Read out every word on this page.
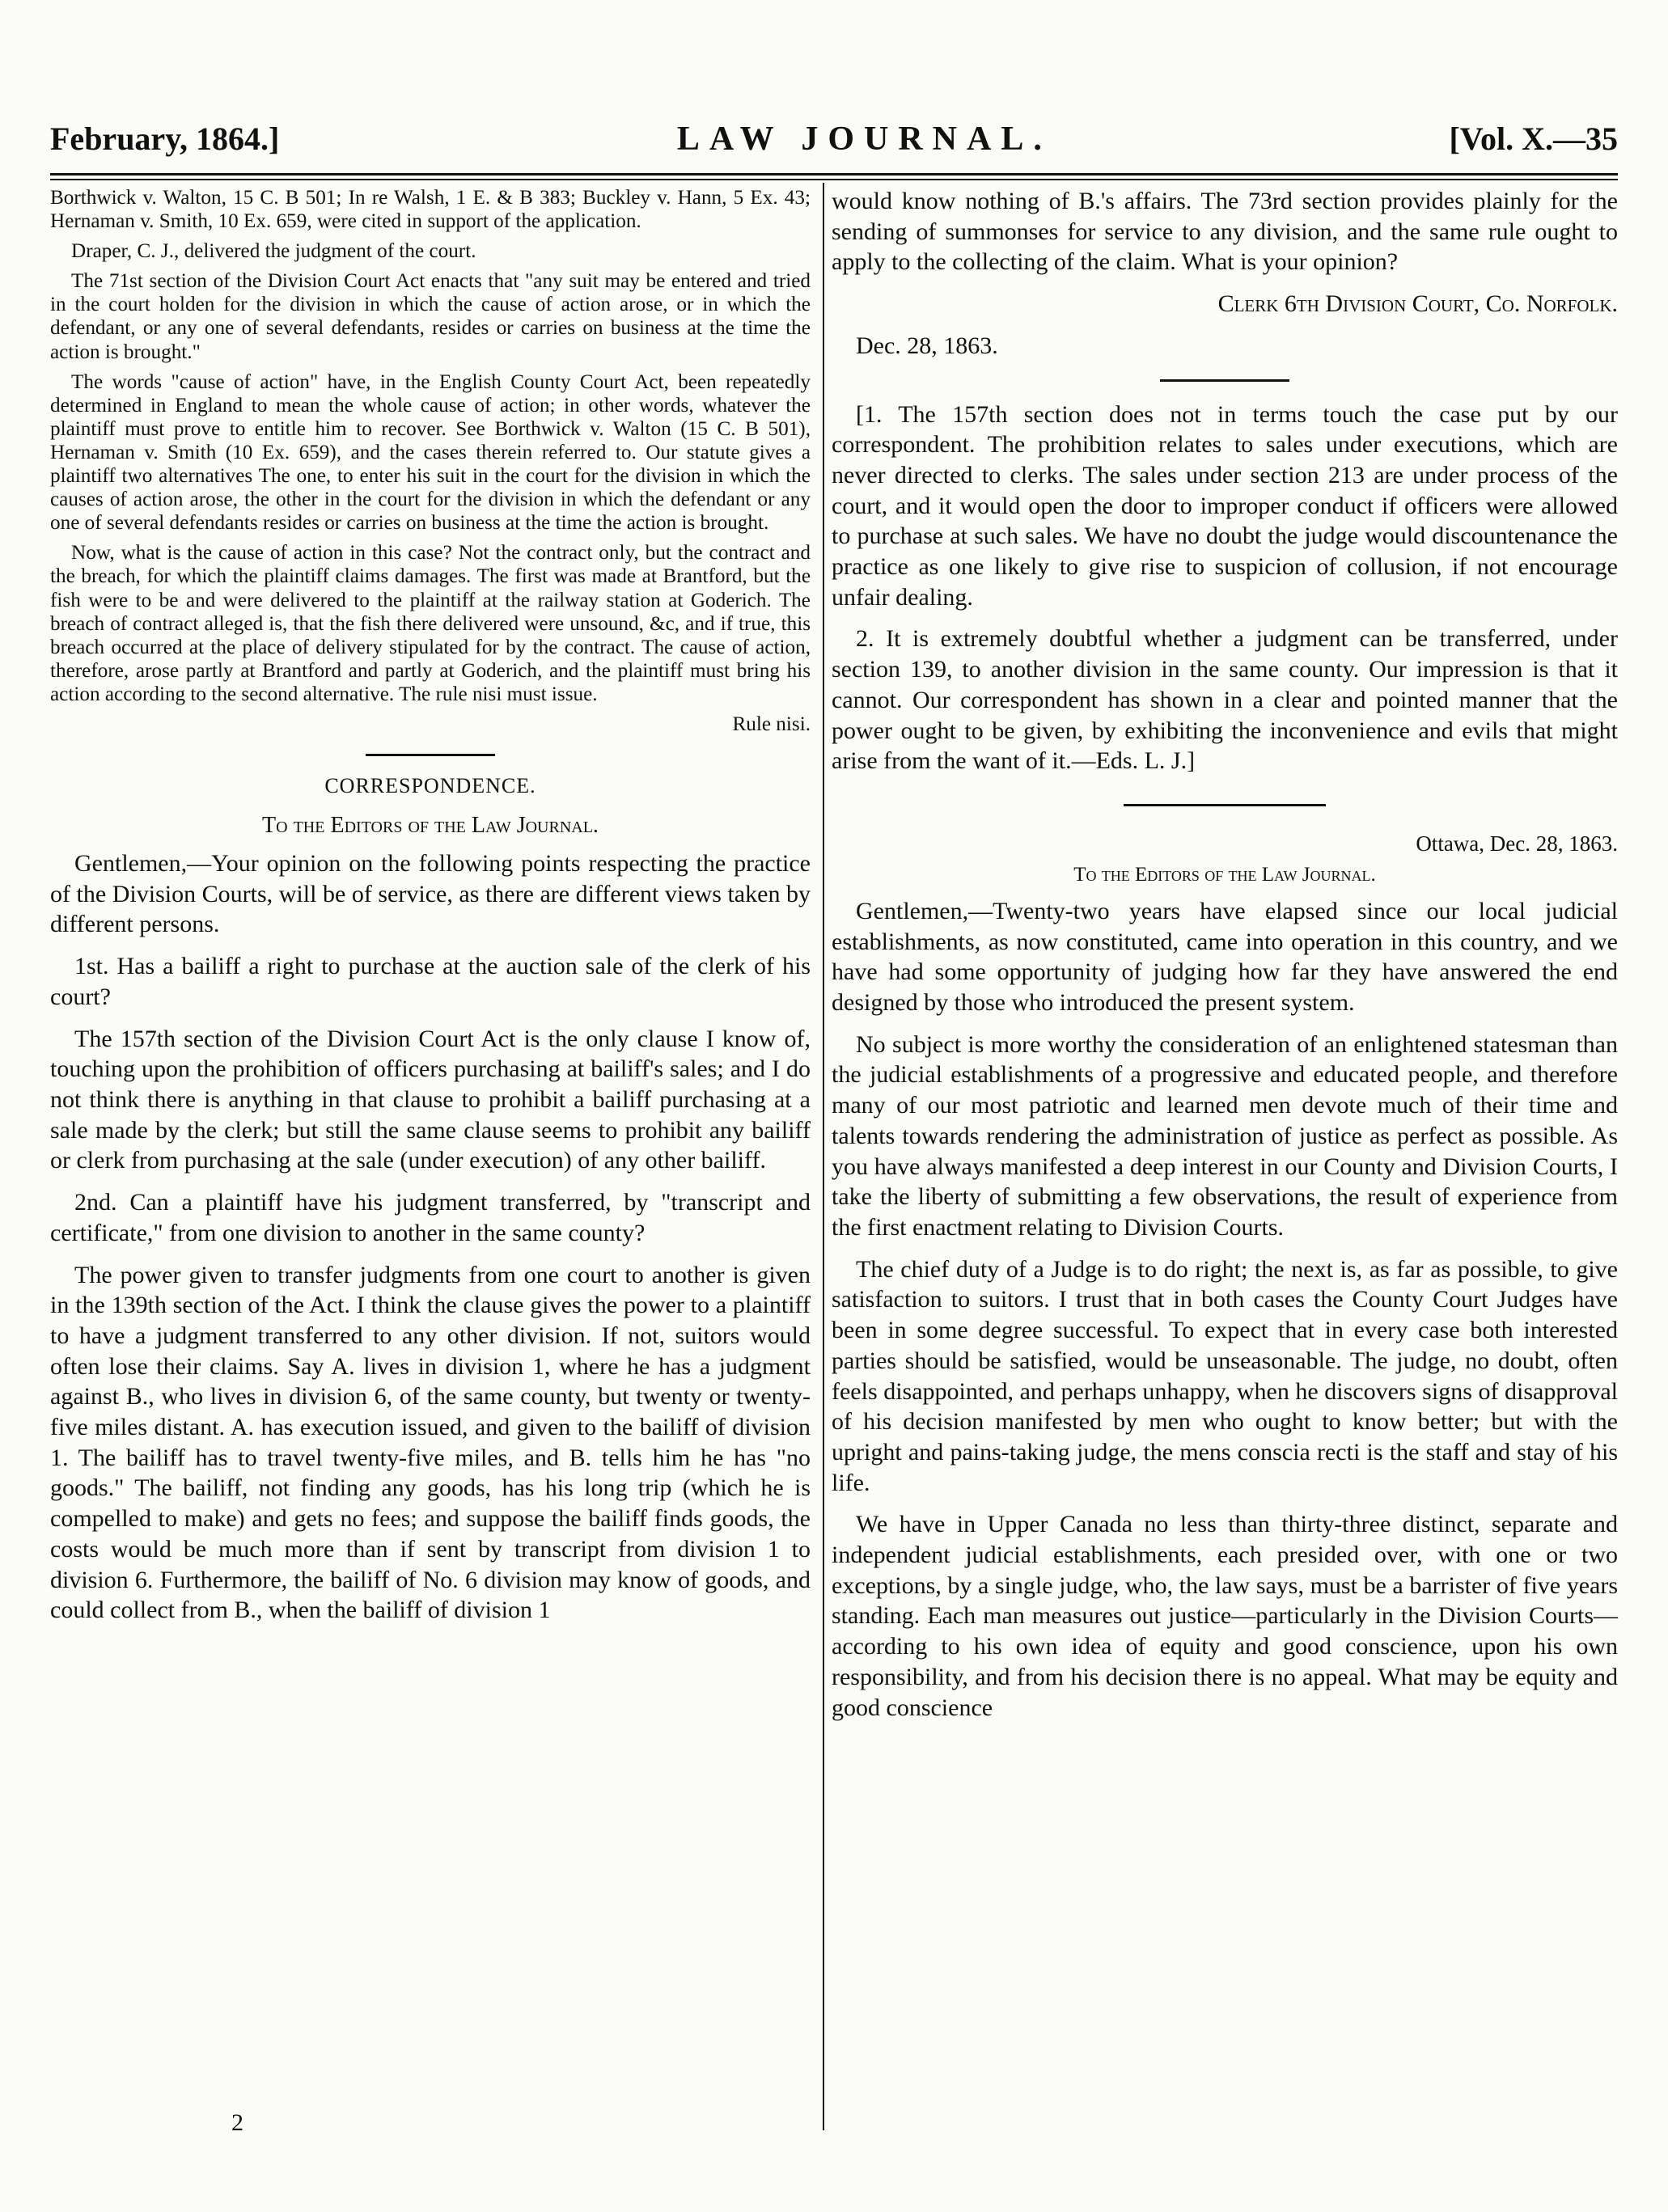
February, 1864.]	LAW JOURNAL.	[Vol. X.—35

Borthwick v. Walton, 15 C. B 501; In re Walsh, 1 E. & B 383; Buckley v. Hann, 5 Ex. 43; Hernaman v. Smith, 10 Ex. 659, were cited in support of the application.

Draper, C. J., delivered the judgment of the court.

The 71st section of the Division Court Act enacts that "any suit may be entered and tried in the court holden for the division in which the cause of action arose, or in which the defendant, or any one of several defendants, resides or carries on business at the time the action is brought."

The words "cause of action" have, in the English County Court Act, been repeatedly determined in England to mean the whole cause of action; in other words, whatever the plaintiff must prove to entitle him to recover. See Borthwick v. Walton (15 C. B 501), Hernaman v. Smith (10 Ex. 659), and the cases therein referred to. Our statute gives a plaintiff two alternatives The one, to enter his suit in the court for the division in which the causes of action arose, the other in the court for the division in which the defendant or any one of several defendants resides or carries on business at the time the action is brought.

Now, what is the cause of action in this case? Not the contract only, but the contract and the breach, for which the plaintiff claims damages. The first was made at Brantford, but the fish were to be and were delivered to the plaintiff at the railway station at Goderich. The breach of contract alleged is, that the fish there delivered were unsound, &c, and if true, this breach occurred at the place of delivery stipulated for by the contract. The cause of action, therefore, arose partly at Brantford and partly at Goderich, and the plaintiff must bring his action according to the second alternative. The rule nisi must issue.

Rule nisi.

CORRESPONDENCE.
To the Editors of the Law Journal.

Gentlemen,—Your opinion on the following points respecting the practice of the Division Courts, will be of service, as there are different views taken by different persons.

1st. Has a bailiff a right to purchase at the auction sale of the clerk of his court?

The 157th section of the Division Court Act is the only clause I know of, touching upon the prohibition of officers purchasing at bailiff's sales; and I do not think there is anything in that clause to prohibit a bailiff purchasing at a sale made by the clerk; but still the same clause seems to prohibit any bailiff or clerk from purchasing at the sale (under execution) of any other bailiff.

2nd. Can a plaintiff have his judgment transferred, by "transcript and certificate," from one division to another in the same county?

The power given to transfer judgments from one court to another is given in the 139th section of the Act. I think the clause gives the power to a plaintiff to have a judgment transferred to any other division. If not, suitors would often lose their claims. Say A. lives in division 1, where he has a judgment against B., who lives in division 6, of the same county, but twenty or twenty-five miles distant. A. has execution issued, and given to the bailiff of division 1. The bailiff has to travel twenty-five miles, and B. tells him he has "no goods." The bailiff, not finding any goods, has his long trip (which he is compelled to make) and gets no fees; and suppose the bailiff finds goods, the costs would be much more than if sent by transcript from division 1 to division 6. Furthermore, the bailiff of No. 6 division may know of goods, and could collect from B., when the bailiff of division 1

would know nothing of B.'s affairs. The 73rd section provides plainly for the sending of summonses for service to any division, and the same rule ought to apply to the collecting of the claim. What is your opinion?

Clerk 6th Division Court, Co. Norfolk.

Dec. 28, 1863.

[1. The 157th section does not in terms touch the case put by our correspondent. The prohibition relates to sales under executions, which are never directed to clerks. The sales under section 213 are under process of the court, and it would open the door to improper conduct if officers were allowed to purchase at such sales. We have no doubt the judge would discountenance the practice as one likely to give rise to suspicion of collusion, if not encourage unfair dealing.

2. It is extremely doubtful whether a judgment can be transferred, under section 139, to another division in the same county. Our impression is that it cannot. Our correspondent has shown in a clear and pointed manner that the power ought to be given, by exhibiting the inconvenience and evils that might arise from the want of it.—Eds. L. J.]

Ottawa, Dec. 28, 1863.

To the Editors of the Law Journal.

Gentlemen,—Twenty-two years have elapsed since our local judicial establishments, as now constituted, came into operation in this country, and we have had some opportunity of judging how far they have answered the end designed by those who introduced the present system.

No subject is more worthy the consideration of an enlightened statesman than the judicial establishments of a progressive and educated people, and therefore many of our most patriotic and learned men devote much of their time and talents towards rendering the administration of justice as perfect as possible. As you have always manifested a deep interest in our County and Division Courts, I take the liberty of submitting a few observations, the result of experience from the first enactment relating to Division Courts.

The chief duty of a Judge is to do right; the next is, as far as possible, to give satisfaction to suitors. I trust that in both cases the County Court Judges have been in some degree successful. To expect that in every case both interested parties should be satisfied, would be unseasonable. The judge, no doubt, often feels disappointed, and perhaps unhappy, when he discovers signs of disapproval of his decision manifested by men who ought to know better; but with the upright and pains-taking judge, the mens conscia recti is the staff and stay of his life.

We have in Upper Canada no less than thirty-three distinct, separate and independent judicial establishments, each presided over, with one or two exceptions, by a single judge, who, the law says, must be a barrister of five years standing. Each man measures out justice—particularly in the Division Courts—according to his own idea of equity and good conscience, upon his own responsibility, and from his decision there is no appeal. What may be equity and good conscience

2
